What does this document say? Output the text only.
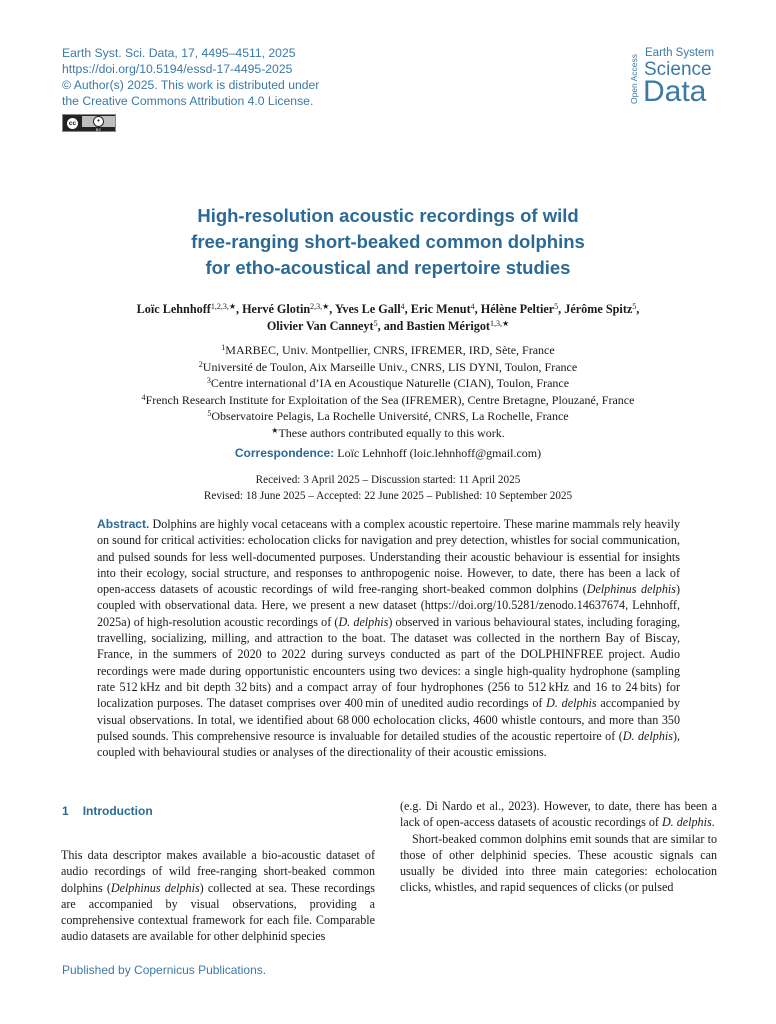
Earth Syst. Sci. Data, 17, 4495–4511, 2025
https://doi.org/10.5194/essd-17-4495-2025
© Author(s) 2025. This work is distributed under
the Creative Commons Attribution 4.0 License.
cc	•
BY
Open Access
Earth System
Science
Data
High-resolution acoustic recordings of wild
free-ranging short-beaked common dolphins
for etho-acoustical and repertoire studies
Loïc Lehnhoff$^{1,2,3,★}$, Hervé Glotin$^{2,3,★}$, Yves Le Gall$^4$, Eric Menut$^4$, Hélène Peltier$^5$, Jérôme Spitz$^5$,
Olivier Van Canneyt$^5$, and Bastien Mérigot$^{1,3,★}$
$^1$MARBEC, Univ. Montpellier, CNRS, IFREMER, IRD, Sète, France
$^2$Université de Toulon, Aix Marseille Univ., CNRS, LIS DYNI, Toulon, France
$^3$Centre international d’IA en Acoustique Naturelle (CIAN), Toulon, France
$^4$French Research Institute for Exploitation of the Sea (IFREMER), Centre Bretagne, Plouzané, France
$^5$Observatoire Pelagis, La Rochelle Université, CNRS, La Rochelle, France
★These authors contributed equally to this work.
Correspondence: Loïc Lehnhoff (loic.lehnhoff@gmail.com)
Received: 3 April 2025 – Discussion started: 11 April 2025
Revised: 18 June 2025 – Accepted: 22 June 2025 – Published: 10 September 2025
Abstract. Dolphins are highly vocal cetaceans with a complex acoustic repertoire. These marine mammals rely heavily on sound for critical activities: echolocation clicks for navigation and prey detection, whistles for social communication, and pulsed sounds for less well-documented purposes. Understanding their acoustic behaviour is essential for insights into their ecology, social structure, and responses to anthropogenic noise. However, to date, there has been a lack of open-access datasets of acoustic recordings of wild free-ranging short-beaked common dolphins (Delphinus delphis) coupled with observational data. Here, we present a new dataset (https://doi.org/10.5281/zenodo.14637674, Lehnhoff, 2025a) of high-resolution acoustic recordings of (D. delphis) observed in various behavioural states, including foraging, travelling, socializing, milling, and attraction to the boat. The dataset was collected in the northern Bay of Biscay, France, in the summers of 2020 to 2022 during surveys conducted as part of the DOLPHINFREE project. Audio recordings were made during opportunistic encounters using two devices: a single high-quality hydrophone (sampling rate 512 kHz and bit depth 32 bits) and a compact array of four hydrophones (256 to 512 kHz and 16 to 24 bits) for localization purposes. The dataset comprises over 400 min of unedited audio recordings of D. delphis accompanied by visual observations. In total, we identified about 68 000 echolocation clicks, 4600 whistle contours, and more than 350 pulsed sounds. This comprehensive resource is invaluable for detailed studies of the acoustic repertoire of (D. delphis), coupled with behavioural studies or analyses of the directionality of their acoustic emissions.
1 Introduction
This data descriptor makes available a bio-acoustic dataset of audio recordings of wild free-ranging short-beaked common dolphins (Delphinus delphis) collected at sea. These recordings are accompanied by visual observations, providing a comprehensive contextual framework for each file. Comparable audio datasets are available for other delphinid species
(e.g. Di Nardo et al., 2023). However, to date, there has been a lack of open-access datasets of acoustic recordings of D. delphis.
Short-beaked common dolphins emit sounds that are similar to those of other delphinid species. These acoustic signals can usually be divided into three main categories: echolocation clicks, whistles, and rapid sequences of clicks (or pulsed
Published by Copernicus Publications.
